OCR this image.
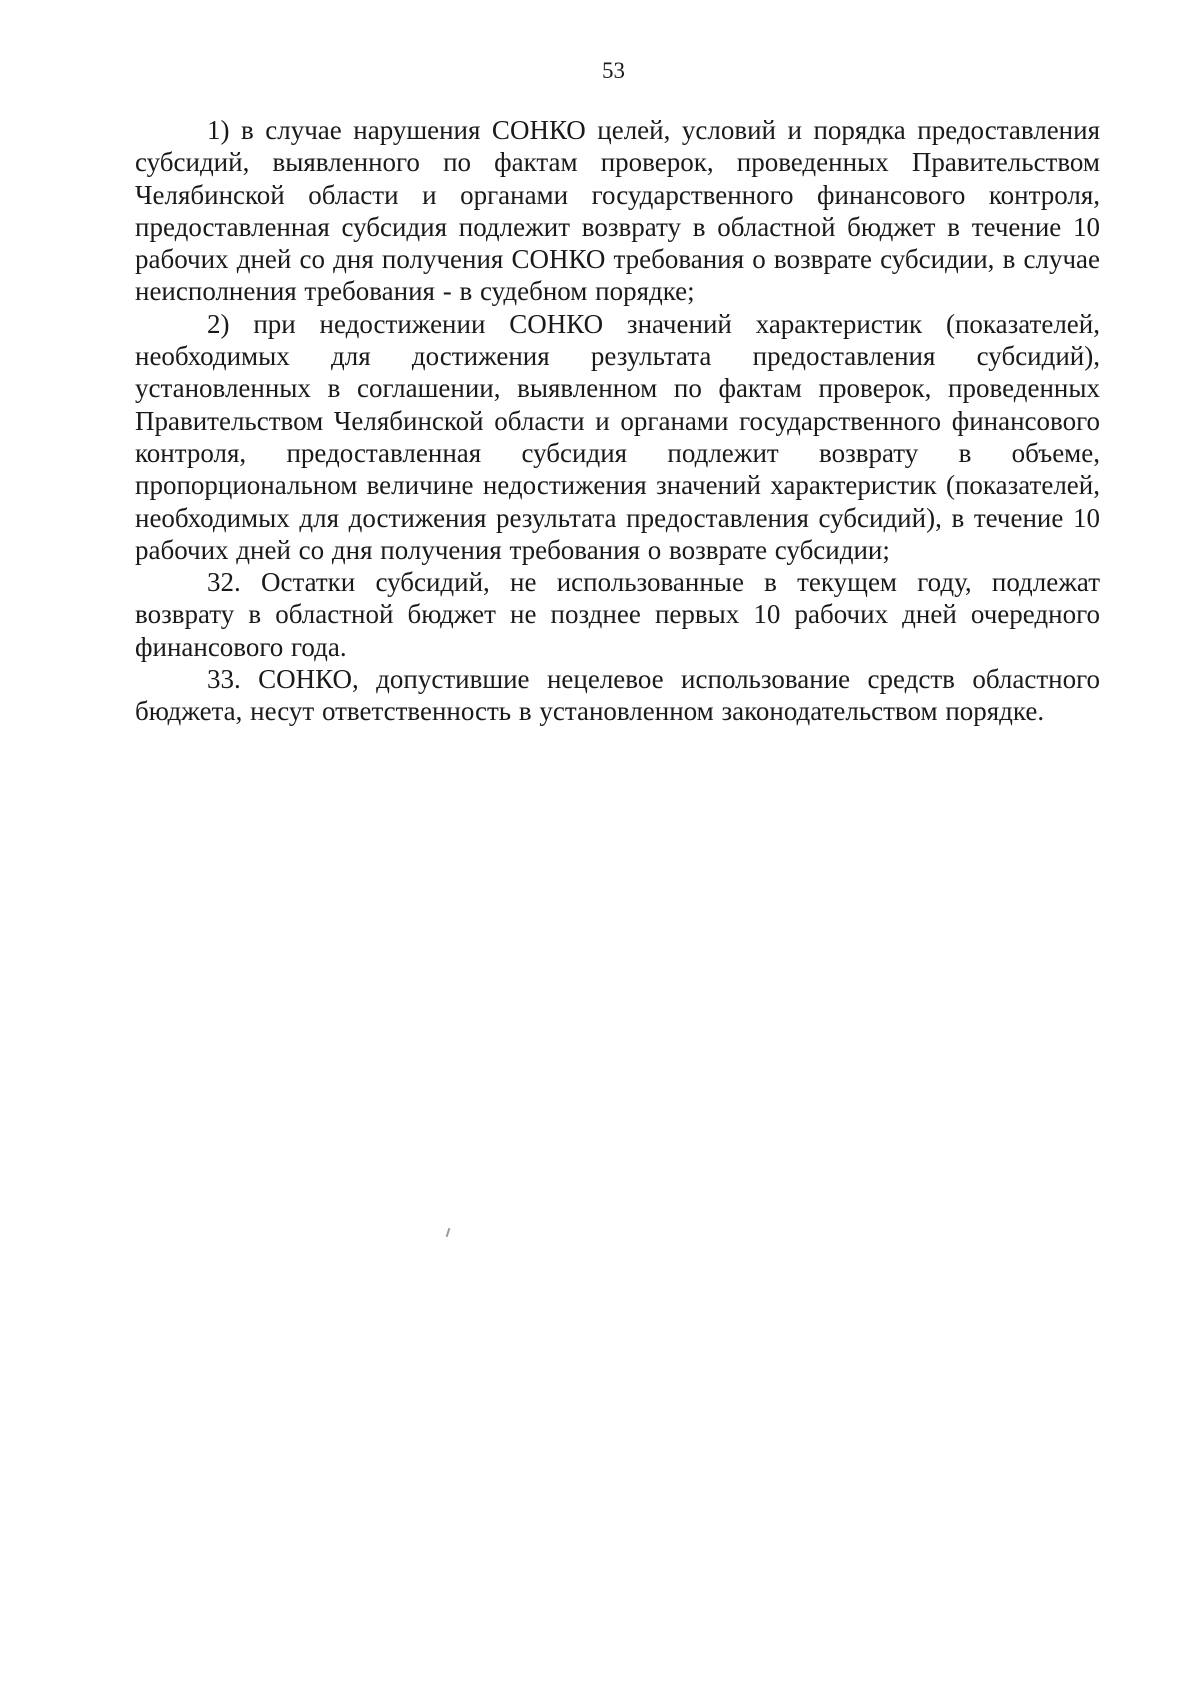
53

1) в случае нарушения СОНКО целей, условий и порядка предоставления субсидий, выявленного по фактам проверок, проведенных Правительством Челябинской области и органами государственного финансового контроля, предоставленная субсидия подлежит возврату в областной бюджет в течение 10 рабочих дней со дня получения СОНКО требования о возврате субсидии, в случае неисполнения требования - в судебном порядке;

2) при недостижении СОНКО значений характеристик (показателей, необходимых для достижения результата предоставления субсидий), установленных в соглашении, выявленном по фактам проверок, проведенных Правительством Челябинской области и органами государственного финансового контроля, предоставленная субсидия подлежит возврату в объеме, пропорциональном величине недостижения значений характеристик (показателей, необходимых для достижения результата предоставления субсидий), в течение 10 рабочих дней со дня получения требования о возврате субсидии;

32. Остатки субсидий, не использованные в текущем году, подлежат возврату в областной бюджет не позднее первых 10 рабочих дней очередного финансового года.

33. СОНКО, допустившие нецелевое использование средств областного бюджета, несут ответственность в установленном законодательством порядке.
